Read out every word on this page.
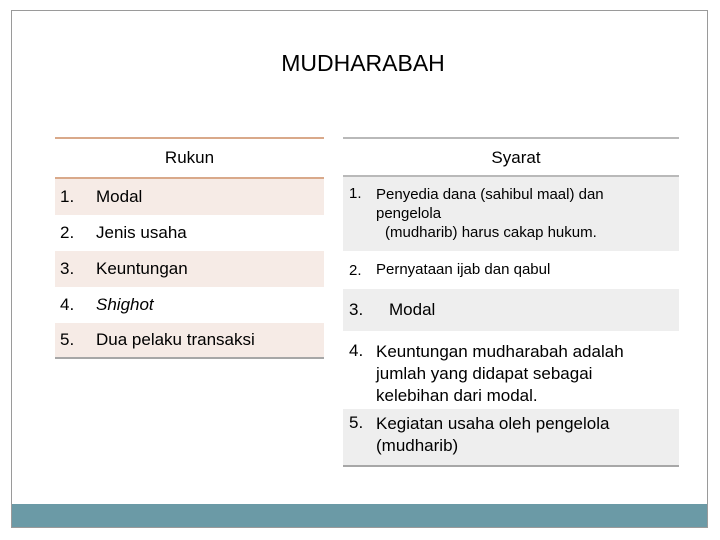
MUDHARABAH
Rukun
1.	Modal
2.	Jenis usaha
3.	Keuntungan
4.	Shighot
5.	Dua pelaku transaksi
Syarat
1. Penyedia dana (sahibul maal) dan
pengelola
(mudharib) harus cakap hukum.
2. Pernyataan ijab dan qabul
3.	Modal
4. Keuntungan mudharabah adalah
jumlah yang didapat sebagai
kelebihan dari modal.
5. Kegiatan usaha oleh pengelola
(mudharib)
